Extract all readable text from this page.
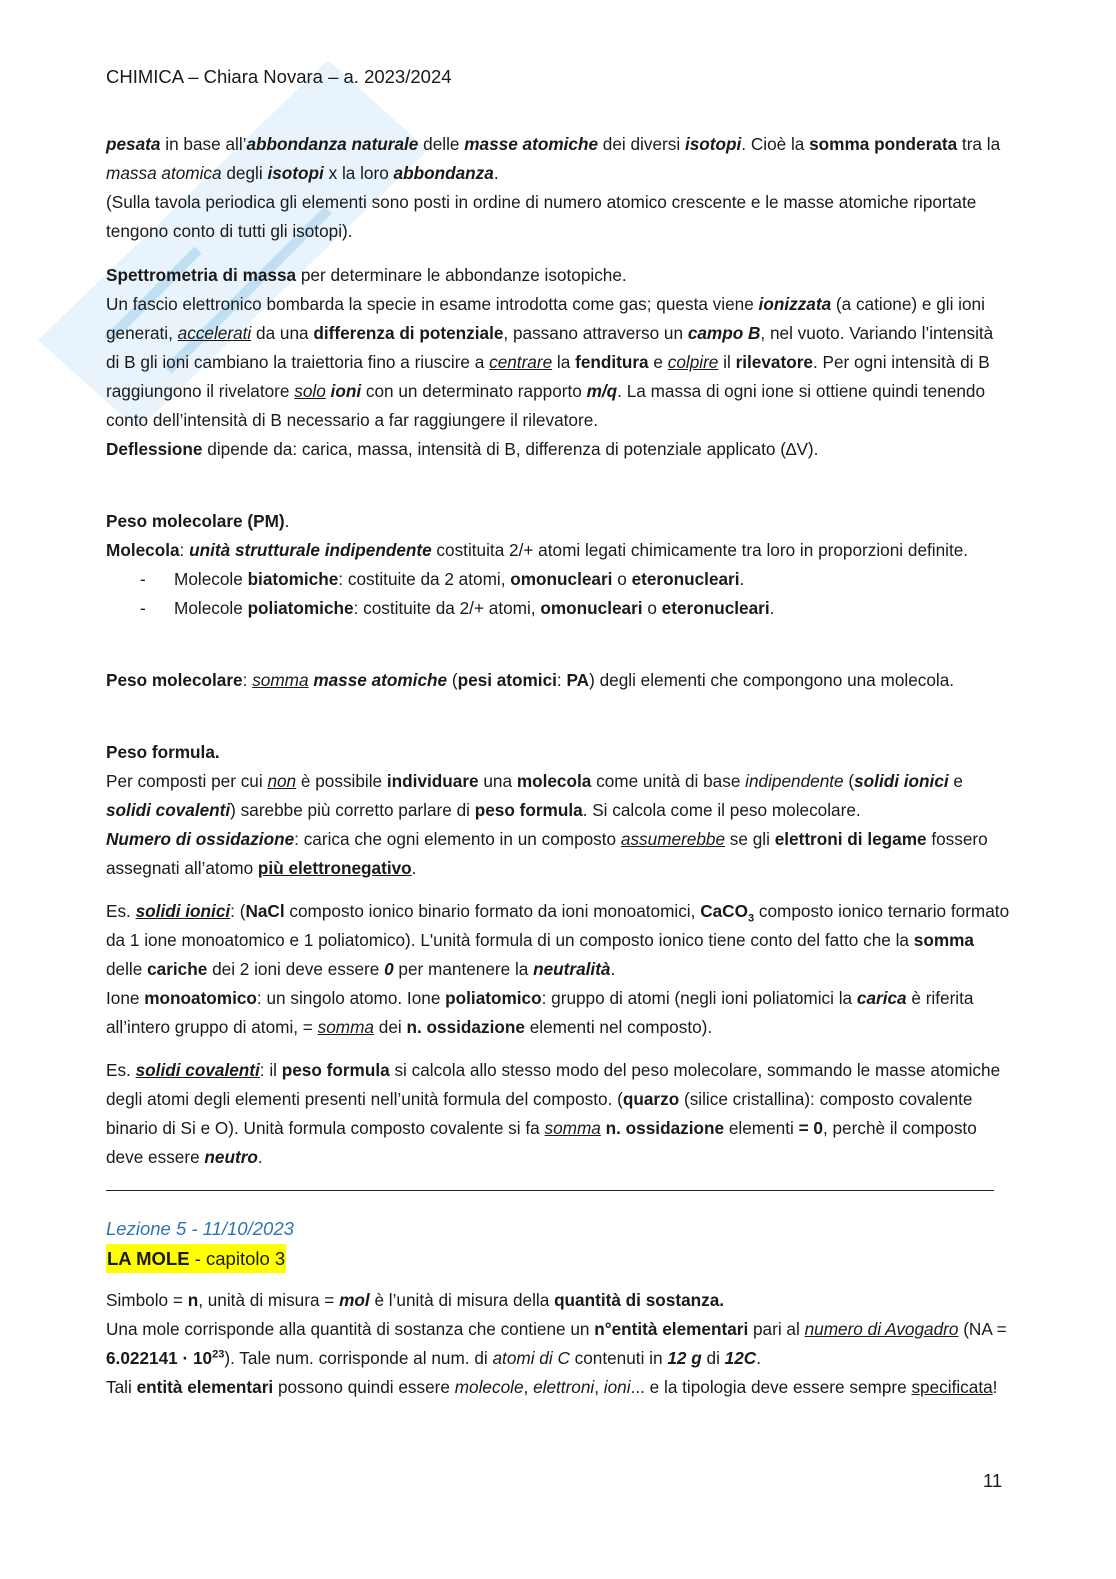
CHIMICA – Chiara Novara – a. 2023/2024

pesata in base all’abbondanza naturale delle masse atomiche dei diversi isotopi. Cioè la somma ponderata tra la massa atomica degli isotopi x la loro abbondanza.

(Sulla tavola periodica gli elementi sono posti in ordine di numero atomico crescente e le masse atomiche riportate tengono conto di tutti gli isotopi).

Spettrometria di massa per determinare le abbondanze isotopiche.

Un fascio elettronico bombarda la specie in esame introdotta come gas; questa viene ionizzata (a catione) e gli ioni generati, accelerati da una differenza di potenziale, passano attraverso un campo B, nel vuoto. Variando l’intensità di B gli ioni cambiano la traiettoria fino a riuscire a centrare la fenditura e colpire il rilevatore. Per ogni intensità di B raggiungono il rivelatore solo ioni con un determinato rapporto m/q. La massa di ogni ione si ottiene quindi tenendo conto dell’intensità di B necessario a far raggiungere il rilevatore.

Deflessione dipende da: carica, massa, intensità di B, differenza di potenziale applicato (∆V).

Peso molecolare (PM).

Molecola: unità strutturale indipendente costituita 2/+ atomi legati chimicamente tra loro in proporzioni definite.

- Molecole biatomiche: costituite da 2 atomi, omonucleari o eteronucleari.
- Molecole poliatomiche: costituite da 2/+ atomi, omonucleari o eteronucleari.

Peso molecolare: somma masse atomiche (pesi atomici: PA) degli elementi che compongono una molecola.

Peso formula.

Per composti per cui non è possibile individuare una molecola come unità di base indipendente (solidi ionici e solidi covalenti) sarebbe più corretto parlare di peso formula. Si calcola come il peso molecolare.

Numero di ossidazione: carica che ogni elemento in un composto assumerebbe se gli elettroni di legame fossero assegnati all’atomo più elettronegativo.

Es. solidi ionici: (NaCl composto ionico binario formato da ioni monoatomici, CaCO$_3$ composto ionico ternario formato da 1 ione monoatomico e 1 poliatomico). L'unità formula di un composto ionico tiene conto del fatto che la somma delle cariche dei 2 ioni deve essere 0 per mantenere la neutralità.

Ione monoatomico: un singolo atomo. Ione poliatomico: gruppo di atomi (negli ioni poliatomici la carica è riferita all’intero gruppo di atomi, = somma dei n. ossidazione elementi nel composto).

Es. solidi covalenti: il peso formula si calcola allo stesso modo del peso molecolare, sommando le masse atomiche degli atomi degli elementi presenti nell’unità formula del composto. (quarzo (silice cristallina): composto covalente binario di Si e O). Unità formula composto covalente si fa somma n. ossidazione elementi = 0, perchè il composto deve essere neutro.

Lezione 5 - 11/10/2023
LA MOLE - capitolo 3

Simbolo = n, unità di misura = mol è l’unità di misura della quantità di sostanza.

Una mole corrisponde alla quantità di sostanza che contiene un n°entità elementari pari al numero di Avogadro $(NA = 6.022141 \cdot 10^{23})$. Tale num. corrisponde al num. di atomi di C contenuti in 12 g di 12C.

Tali entità elementari possono quindi essere molecole, elettroni, ioni... e la tipologia deve essere sempre specificata!

11
